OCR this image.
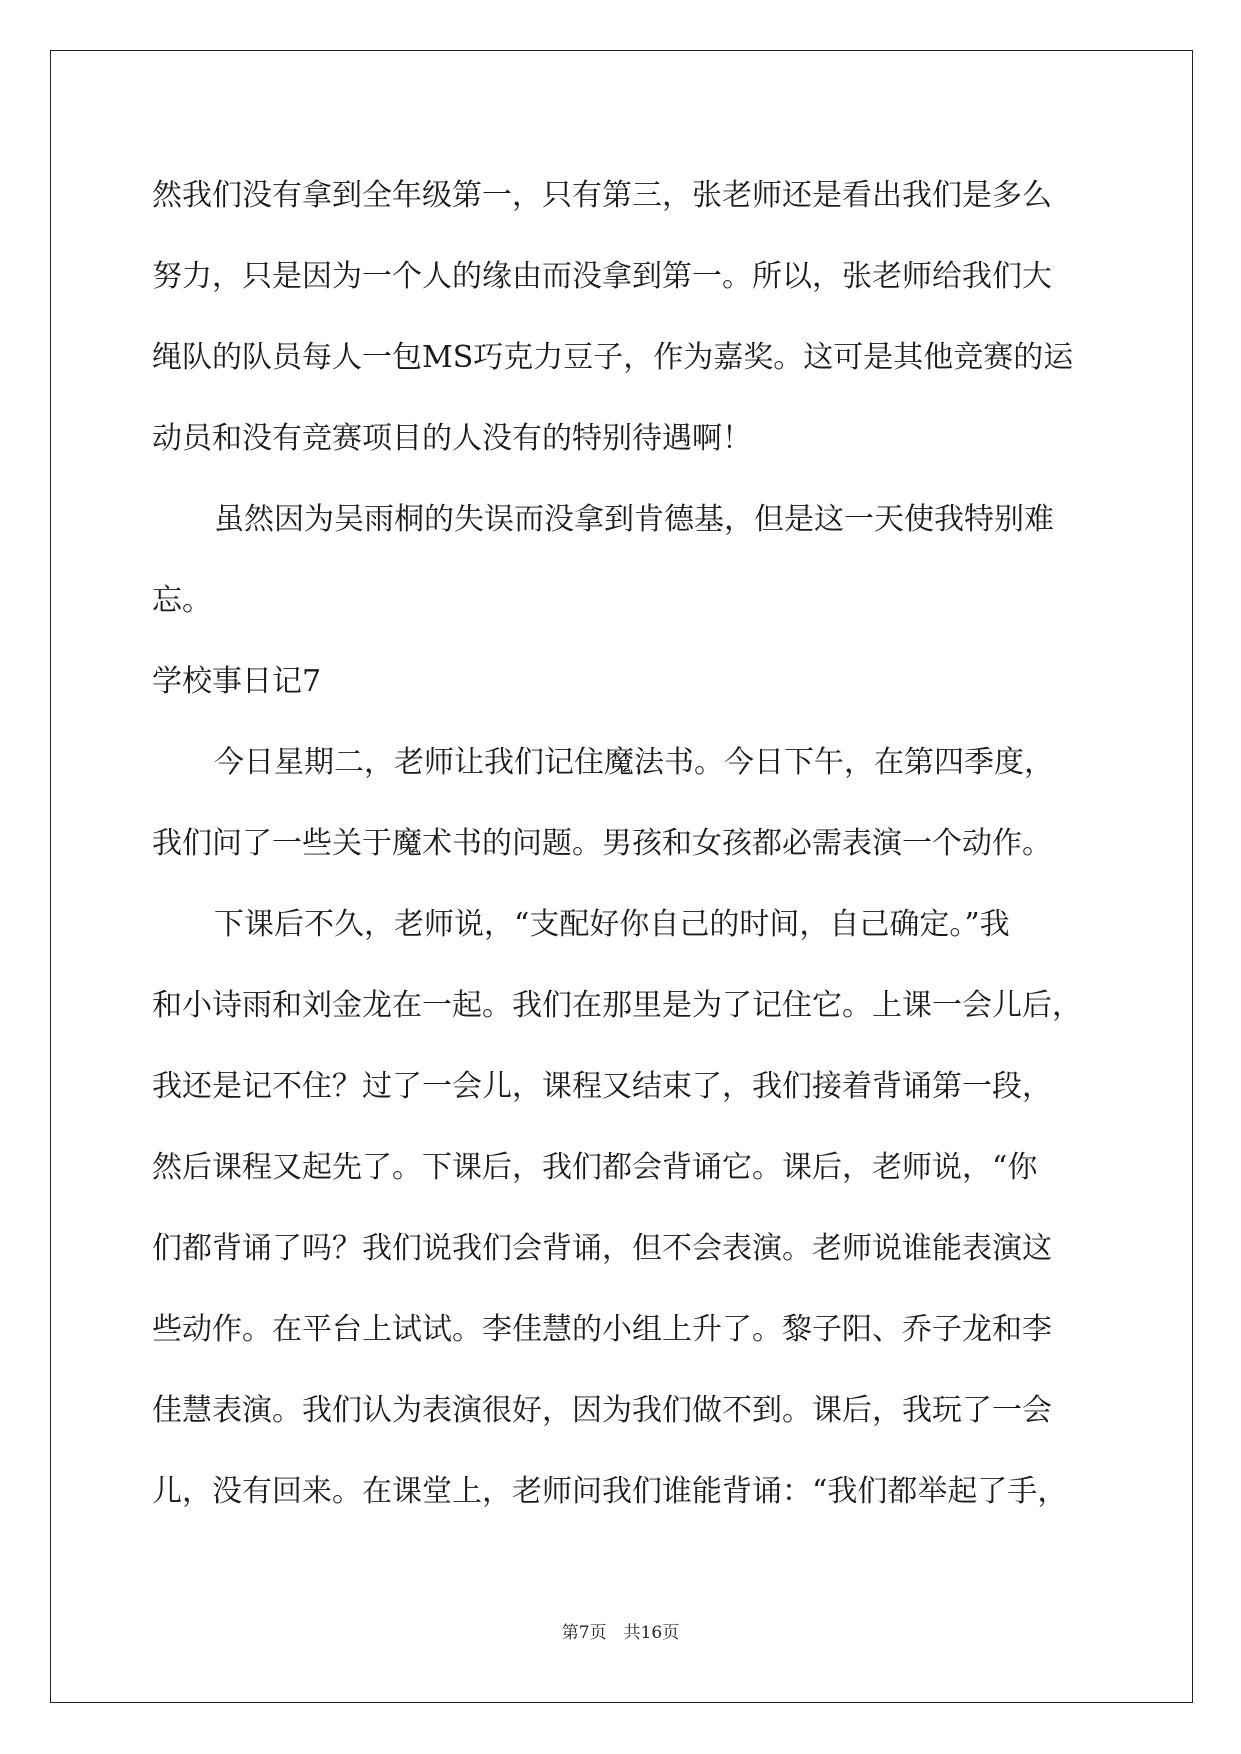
然我们没有拿到全年级第一，只有第三，张老师还是看出我们是多么
努力，只是因为一个人的缘由而没拿到第一。所以，张老师给我们大
绳队的队员每人一包MS巧克力豆子，作为嘉奖。这可是其他竞赛的运
动员和没有竞赛项目的人没有的特别待遇啊！
虽然因为吴雨桐的失误而没拿到肯德基，但是这一天使我特别难
忘。
学校事日记7
今日星期二，老师让我们记住魔法书。今日下午，在第四季度，
我们问了一些关于魔术书的问题。男孩和女孩都必需表演一个动作。
下课后不久，老师说，“支配好你自己的时间，自己确定。”我
和小诗雨和刘金龙在一起。我们在那里是为了记住它。上课一会儿后，
我还是记不住？过了一会儿，课程又结束了，我们接着背诵第一段，
然后课程又起先了。下课后，我们都会背诵它。课后，老师说，“你
们都背诵了吗？我们说我们会背诵，但不会表演。老师说谁能表演这
些动作。在平台上试试。李佳慧的小组上升了。黎子阳、乔子龙和李
佳慧表演。我们认为表演很好，因为我们做不到。课后，我玩了一会
儿，没有回来。在课堂上，老师问我们谁能背诵：“我们都举起了手，
第7页　共16页
